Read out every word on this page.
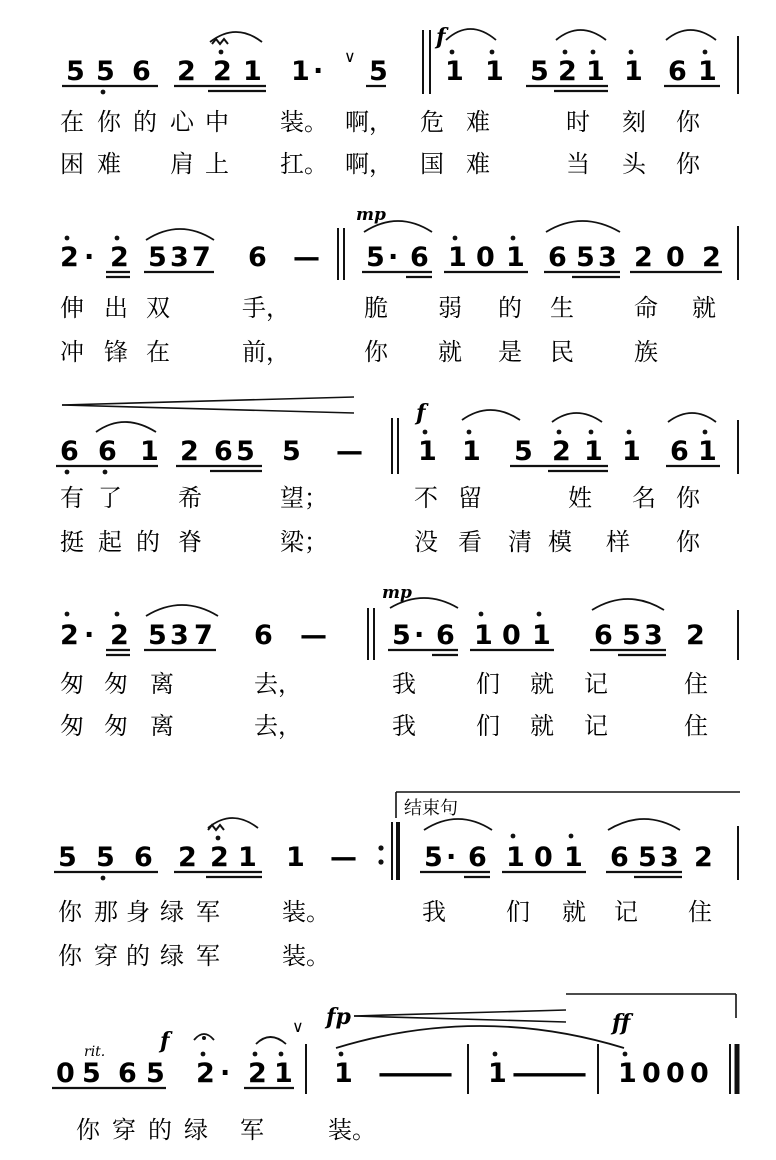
5 5 6 2 2 1 1 · 5 1 1 5 2 1 1 6 1
∨
f
在 你 的 心 中 装。 啊， 危 难	时 刻 你
困 难 肩 上 扛。 啊， 国 难	当 头 你
2 · 2 5 3 7 6 — 5 · 6 1 0 1 6 5 3 2 0 2
mp
伸 出 双	手，	脆 弱 的 生	命 就
冲 锋 在	前，	你 就 是 民	族
6 6 1 2 6 5 5 — 1 1 5 2 1 1 6 1
f
有 了 希	望；	不 留	姓 名 你
挺 起 的 脊	梁；	没 看 清 模 样 你
2 · 2 5 3 7 6 — 5 · 6 1 0 1 6 5 3 2
mp
匆 匆 离	去，	我	们 就 记	住
匆 匆 离	去，	我	们 就 记	住
结束句
5 5 6 2 2 1 1 — 5 · 6 1 0 1 6 5 3 2
你 那 身 绿 军	装。	我	们 就 记 住
你 穿 的 绿 军	装。
rit. f
fp	ff
∨
0 5 6 5 2 · 2 1 1 —
—
— 1 —
—
— 1 0 0 0
你 穿 的 绿 军	装。
